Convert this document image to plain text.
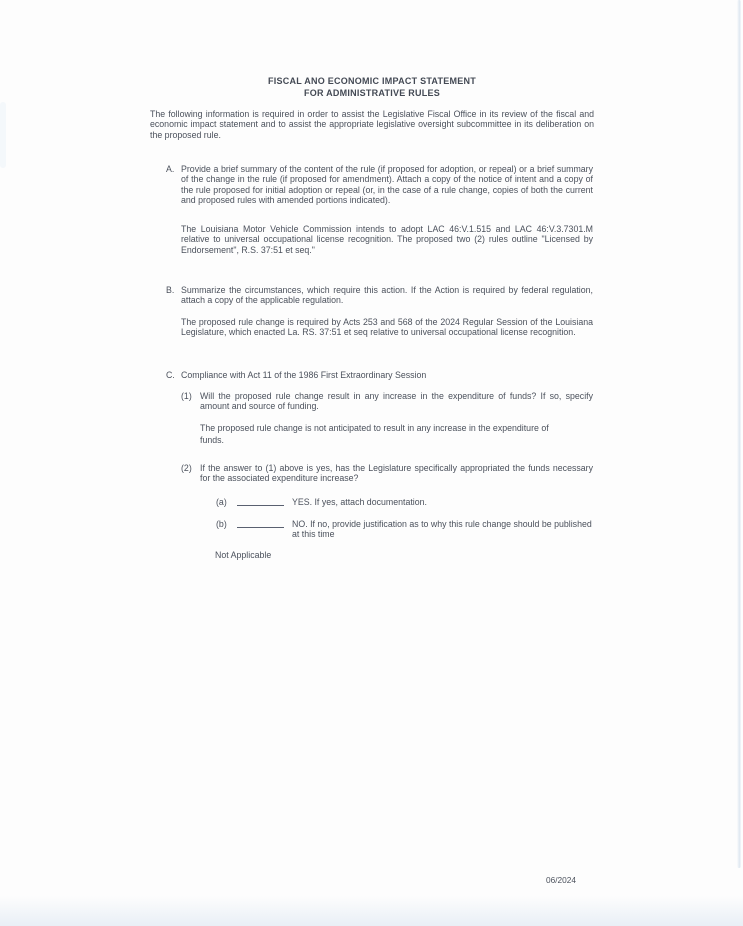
FISCAL ANO ECONOMIC IMPACT STATEMENT
FOR ADMINISTRATIVE RULES
The following information is required in order to assist the Legislative Fiscal Office in its review of the fiscal and economic impact statement and to assist the appropriate legislative oversight subcommittee in its deliberation on the proposed rule.
A. Provide a brief summary of the content of the rule (if proposed for adoption, or repeal) or a brief summary of the change in the rule (if proposed for amendment). Attach a copy of the notice of intent and a copy of the rule proposed for initial adoption or repeal (or, in the case of a rule change, copies of both the current and proposed rules with amended portions indicated).
The Louisiana Motor Vehicle Commission intends to adopt LAC 46:V.1.515 and LAC 46:V.3.7301.M relative to universal occupational license recognition. The proposed two (2) rules outline "Licensed by Endorsement", R.S. 37:51 et seq."
B. Summarize the circumstances, which require this action. If the Action is required by federal regulation, attach a copy of the applicable regulation.
The proposed rule change is required by Acts 253 and 568 of the 2024 Regular Session of the Louisiana Legislature, which enacted La. RS. 37:51 et seq relative to universal occupational license recognition.
C. Compliance with Act 11 of the 1986 First Extraordinary Session
(1) Will the proposed rule change result in any increase in the expenditure of funds? If so, specify amount and source of funding.
The proposed rule change is not anticipated to result in any increase in the expenditure of funds.
(2) If the answer to (1) above is yes, has the Legislature specifically appropriated the funds necessary for the associated expenditure increase?
(a)	YES. If yes, attach documentation.
(b)	NO. If no, provide justification as to why this rule change should be published at this time
Not Applicable
06/2024
